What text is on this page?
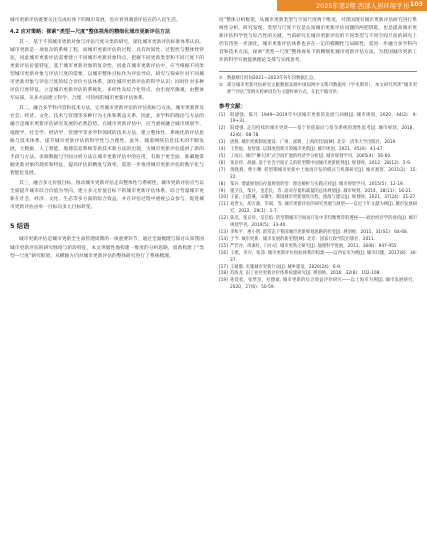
2025年第2期 西部人居环境学刊 103

城市更新评估既要关注完成好体下的城市发展，也应看到满意评估在的人民生活。

4.2 应对策略：探索“类型—尺度”整体视角的精细化城市更新评估方法

其一，基于不同城市更新对象与评估尺度分类的研究，深化城市更新评估标准体系认识。城市更新是一项复杂的系统工程，而城市更新评估的过程，具有时间性、过程性与整体性特征，因此城市更新评估需要建立不同城市更新对象特点，把握不同更新类型和不同尺度下的更新评估价值特征。基于城市更新对象的复杂性，因此在城市更新评估中，应当根据不同类型城市更新对象与评估尺度的需要，以城市整体目标作为评估导向，研究与探索针对不同城市更新对象与评估尺度的综合评价方法体系，深化城市更新评估的科学认识；同时针对多种评估尺度特征，立足城市更新评估的系统化、多样性及综合化特点，由宏观至微观、由整体至局部，从多方面建立科学、合理、可持续的城市更新评估体系。

其二，融合多学科内容和技术方法，完善城市更新评估的评估指标与方法。城市更新涉及社会、经济、文化、技术与管理等多种行为主体和利益关系，因此，多学科的理论与方法的融合是城市更新评估研究发展的必然趋势。在城市更新评估中，应当重视融合城市规划学、地理学、社会学、经济学、管理学等多学科领域的技术方法，建立整体性、系统化的评估思路与技术体系，提升城市更新评估的科学性与合理性。此外，随着网络信息技术的不断发展，大数据、人工智能、地理信息系统等新技术新方法的出现，为城市更新评估提供了新的手段与方法。多源数据与空间分析方法在城市更新评估中的应用，有助于更全面、准确地掌握更新对象的现状和特征，提高评估的精度与效率，需进一步推进城市更新评估的数字化与智能化发展。

其三，融合多元价值目标，推动城市更新评估走向整体性与系统性。城市更新评估应当以全面提升城市综合价值为导向，建立多元价值目标下的城市更新评估体系，综合考量城市更新在社会、经济、文化、生态等多方面的综合效益，并在评估过程中重视公众参与，促进城市更新评估由单一目标向多元目标转变。

5 结语

城市更新评估是城市更新全生命管理周期的一项重要环节，通过全面梳理与探讨认知我国城市更新评估的研究脉络与阶段特征，本文突破性地构建一维度的分析思路，创新构建了“类型—尺度”研究框架，从横轴方向对城市更新评估的整体研究进行了系统梳理。

度”整体分析框架，从城市更新类型与空间尺度两个维度，对我国现有城市更新评估研究进行系统性分析，研究发现，类型与尺度不仅是认知城市更新评估问题的两把钥匙，也是提高城市更新评估科学性与综合性的关键。当前研究在城市更新评估的不同类型与不同空间尺度的研究上仍有待进一步深化，城市更新评估体系也存在一定的模糊性与局限性，需进一步融合多学科内容和技术方法，探索“类型—尺度”整体视角下的精细化城市更新评估方法，为我国城市更新工作的科学开展提供理论支撑与实践参考。

① 数据统计时间2021—2023年各年份数据汇总。
② 部分城市更新评估研究文献数据来源中国知网中文期刊数据库（学术期刊），本文研究所涉“城市更新”“评估”等相关检索词均为主题检索方式，在此不做穷举。
参考文献：
[1]	阳建强，陈月. 1949—2019年中国城市更新的发展与回顾[J]. 城市规划，2020，44(2)：9-19+31.
[2]	阳建强. 走向持续的城市更新——基于价值取向与复杂系统的理性思考[J]. 城市规划，2018，42(6)：68-78.
[3]	唐燕. 城市更新制度建设：广州、深圳、上海的比较[M]. 北京：清华大学出版社，2019.
[4]	王世福，易智康. 以制度创新引领城市更新[J]. 城市规划，2021，45(4)：41-47.
[5]	丁成日. 城市“摊大饼”式空间扩展的经济学分析[J]. 城市规划学刊，2005(4)：56-60.
[6]	张京祥，胡毅. 基于社会空间正义的转型期中国城市更新批判[J]. 规划师，2012，28(12)：5-9.
[7]	黄晓燕，曹小曙. 转型期城市更新中土地再开发的模式与机制研究[J]. 城市观察，2011(2)：15-22.
[8]	邹兵. 增量规划向存量规划转型：理论解析与实践应对[J]. 城市规划学刊，2015(5)：12-19.
[9]	施卫良，邹兵，金忠民，等. 面对存量和减量的总体规划[J]. 城市规划，2014，38(11)：16-21.
[10] 王嘉，白韵溪，宋聚生. 我国城市更新演进历程、挑战与建议[J]. 规划师，2021，37(24)：21-27.
[11] 刘贵文，胡万骏，毕斌，等. 城市更新评估的研究进展与展望——以近十年文献为例[J]. 城市发展研究，2022，29(1)：1-7.
[12] 陈浩，张京祥，吴启焰. 转型期城市空间再开发中非均衡博弈的透视——政治经济学的视角[J]. 城市规划学刊，2010(5)：33-40.
[13] 李和平，惠小明. 新常态下我国城市更新规划思路的转变[J]. 规划师，2015，31(S1)：64-68.
[14] 于今. 城市更新：城市发展的新里程[M]. 北京：国家行政学院出版社，2011.
[15] 严若谷，周素红，闫小培. 城市更新之研究[J]. 地理科学进展，2011，30(8)：947-955.
[16] 王珺，李卉，张沛. 城市更新评价指标体系的构建——以西安市为例[J]. 城市问题，2017(8)：30-37.
[17] 王蒙徽. 实施城市更新行动[J]. 城乡建设，2020(24)：6-9.
[18] 苏海龙. 旧工业区更新评价体系构建研究[J]. 规划师，2016，32(8)：102-108.
[19] 孙延松，张梦洁，杜德斌. 城市更新的综合效益评价研究——以上海市为例[J]. 城市发展研究，2020，27(6)：50-59.
